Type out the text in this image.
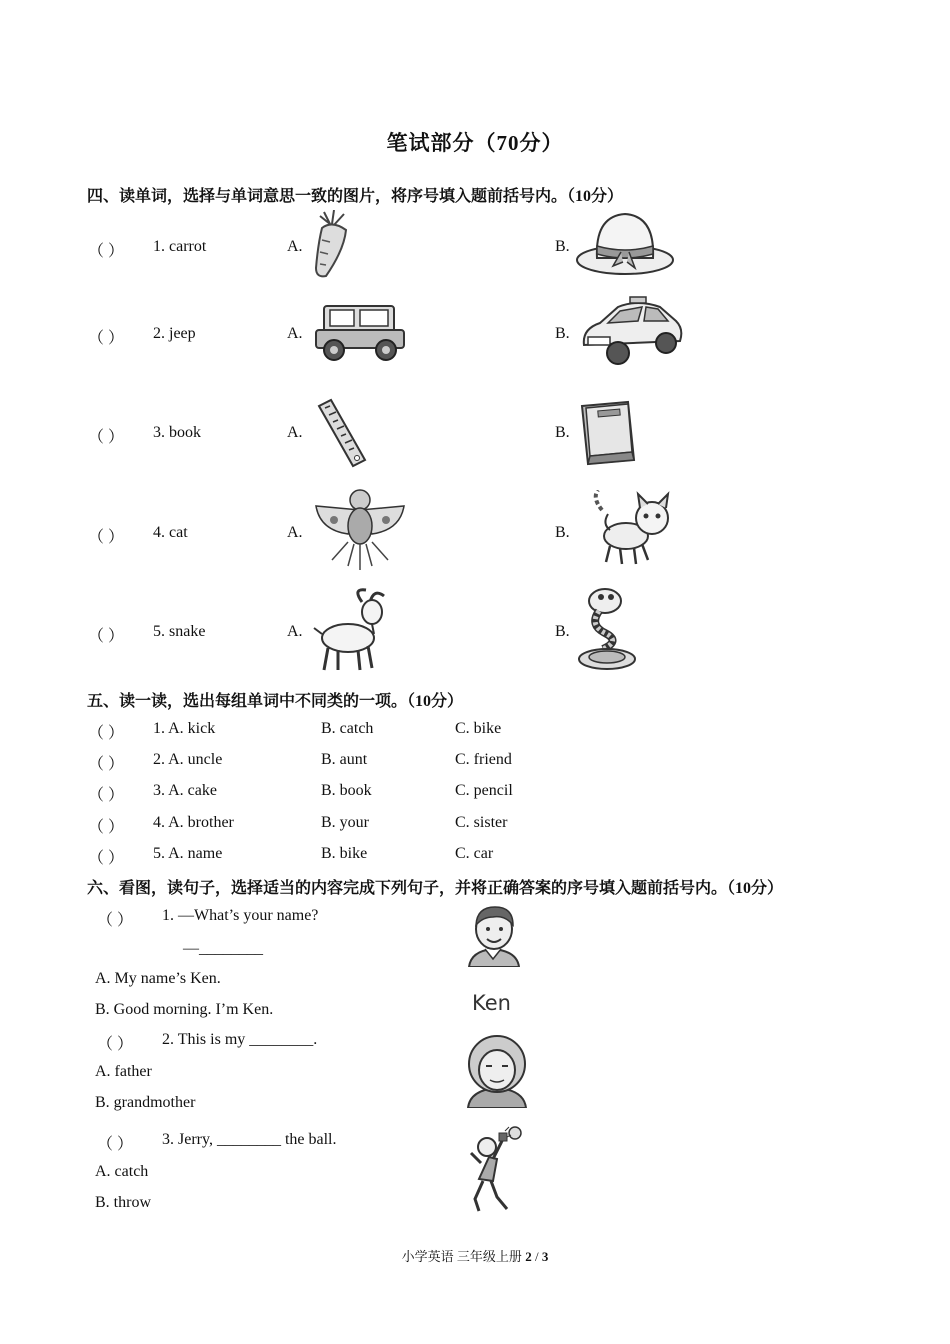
笔试部分（70分）
四、读单词，选择与单词意思一致的图片，将序号填入题前括号内。（10分）
（ ） 1. carrot	A.	B.
（ ） 2. jeep	A.	B.
（ ） 3. book	A.	B.
（ ） 4. cat	A.	B.
（ ） 5. snake	A.	B.
五、读一读，选出每组单词中不同类的一项。（10分）
（ ） 1. A. kick	B. catch	C. bike
（ ） 2. A. uncle	B. aunt	C. friend
（ ） 3. A. cake	B. book	C. pencil
（ ） 4. A. brother	B. your	C. sister
（ ） 5. A. name	B. bike	C. car
六、看图，读句子，选择适当的内容完成下列句子，并将正确答案的序号填入题前括号内。（10分）
（ ） 1. —What’s your name?
—________
A. My name’s Ken.
B. Good morning. I’m Ken.	Ken
（ ） 2. This is my ________.
A. father
B. grandmother
（ ） 3. Jerry, ________ the ball.
A. catch
B. throw
小学英语 三年级上册 2 / 3
